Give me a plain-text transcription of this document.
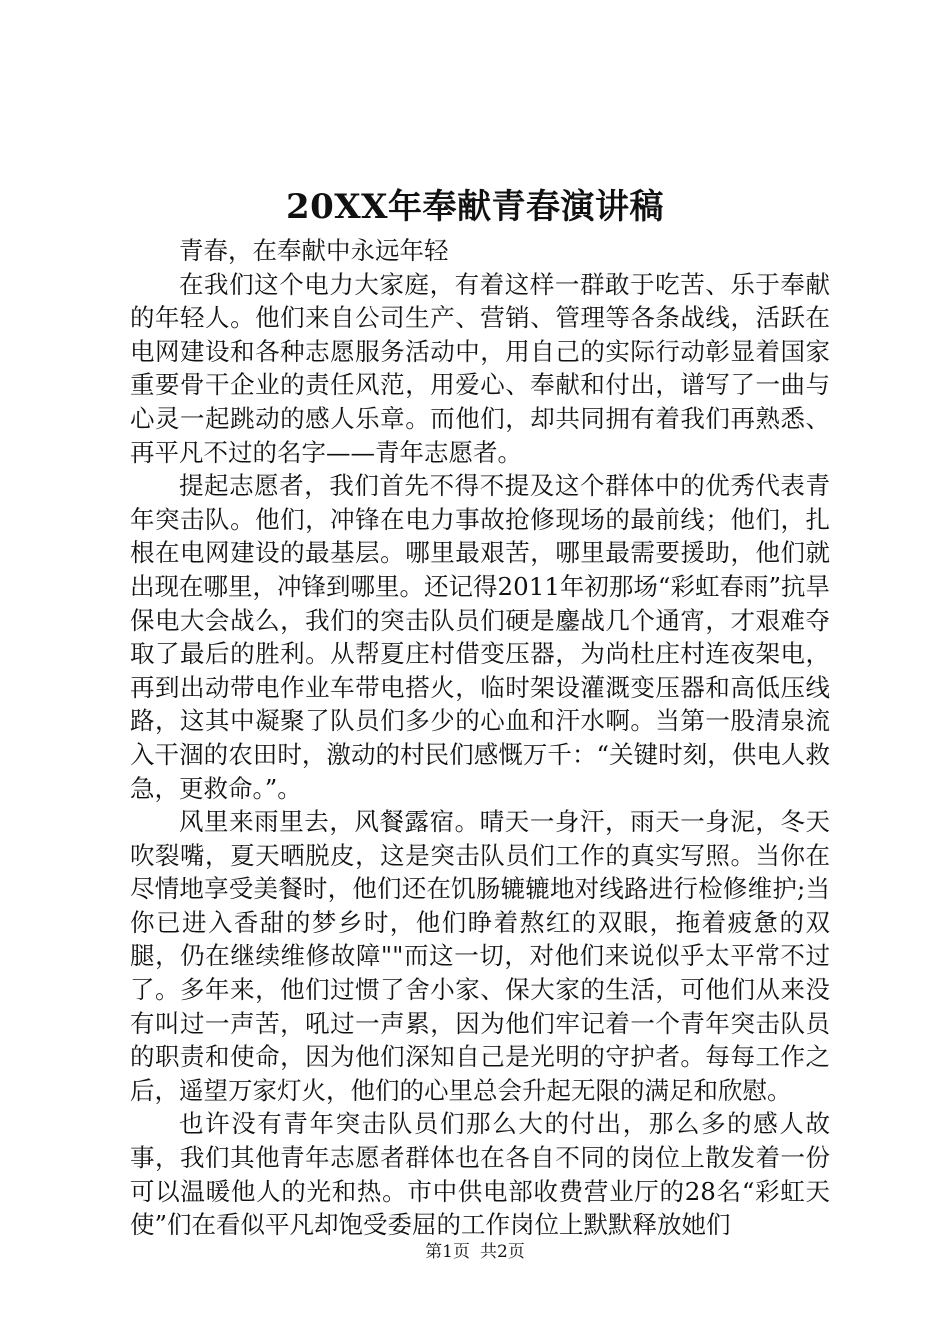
20XX年奉献青春演讲稿

青春，在奉献中永远年轻

在我们这个电力大家庭，有着这样一群敢于吃苦、乐于奉献的年轻人。他们来自公司生产、营销、管理等各条战线，活跃在电网建设和各种志愿服务活动中，用自己的实际行动彰显着国家重要骨干企业的责任风范，用爱心、奉献和付出，谱写了一曲与心灵一起跳动的感人乐章。而他们，却共同拥有着我们再熟悉、再平凡不过的名字——青年志愿者。

提起志愿者，我们首先不得不提及这个群体中的优秀代表青年突击队。他们，冲锋在电力事故抢修现场的最前线；他们，扎根在电网建设的最基层。哪里最艰苦，哪里最需要援助，他们就出现在哪里，冲锋到哪里。还记得2011年初那场“彩虹春雨”抗旱保电大会战么，我们的突击队员们硬是鏖战几个通宵，才艰难夺取了最后的胜利。从帮夏庄村借变压器，为尚杜庄村连夜架电，再到出动带电作业车带电搭火，临时架设灌溉变压器和高低压线路，这其中凝聚了队员们多少的心血和汗水啊。当第一股清泉流入干涸的农田时，激动的村民们感慨万千：“关键时刻，供电人救急，更救命。”。

风里来雨里去，风餐露宿。晴天一身汗，雨天一身泥，冬天吹裂嘴，夏天晒脱皮，这是突击队员们工作的真实写照。当你在尽情地享受美餐时，他们还在饥肠辘辘地对线路进行检修维护;当你已进入香甜的梦乡时，他们睁着熬红的双眼，拖着疲惫的双腿，仍在继续维修故障""而这一切，对他们来说似乎太平常不过了。多年来，他们过惯了舍小家、保大家的生活，可他们从来没有叫过一声苦，吼过一声累，因为他们牢记着一个青年突击队员的职责和使命，因为他们深知自己是光明的守护者。每每工作之后，遥望万家灯火，他们的心里总会升起无限的满足和欣慰。

也许没有青年突击队员们那么大的付出，那么多的感人故事，我们其他青年志愿者群体也在各自不同的岗位上散发着一份可以温暖他人的光和热。市中供电部收费营业厅的28名“彩虹天使”们在看似平凡却饱受委屈的工作岗位上默默释放她们

第1页 共2页
